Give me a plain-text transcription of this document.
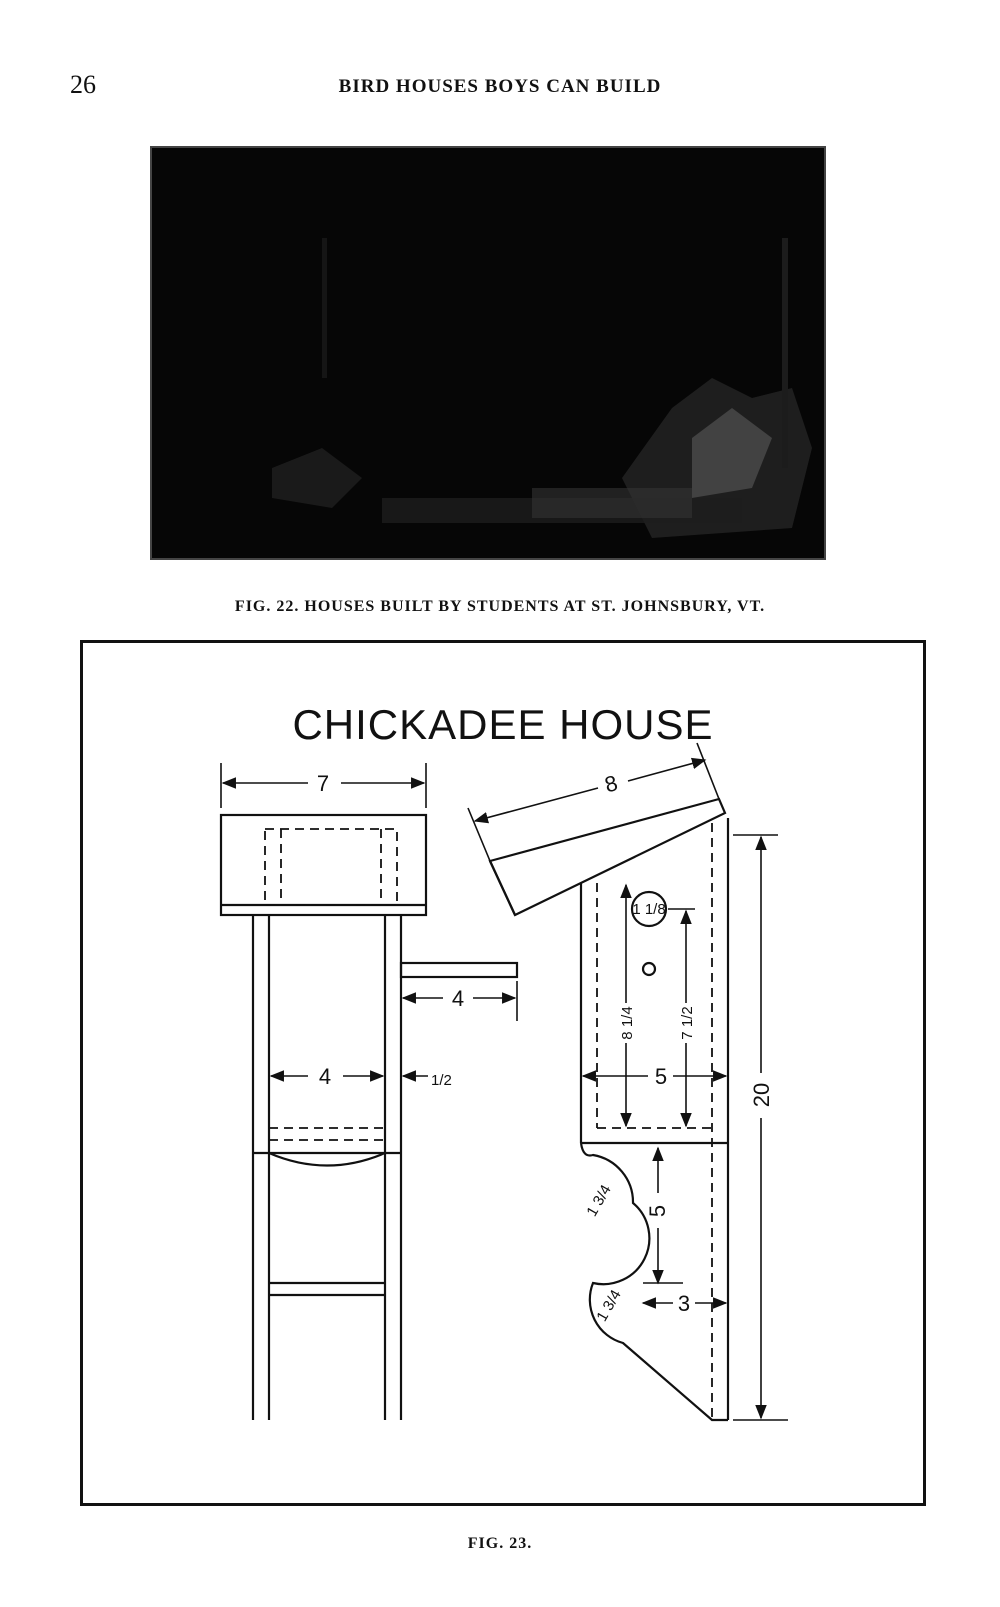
26	BIRD HOUSES BOYS CAN BUILD
FIG. 22. HOUSES BUILT BY STUDENTS AT ST. JOHNSBURY, VT.
CHICKADEE HOUSE
7
4
4	1/2
8
1 1/8
8 1/4	7 1/2
5
20
5
1 3/4
1 3/4 3
FIG. 23.
